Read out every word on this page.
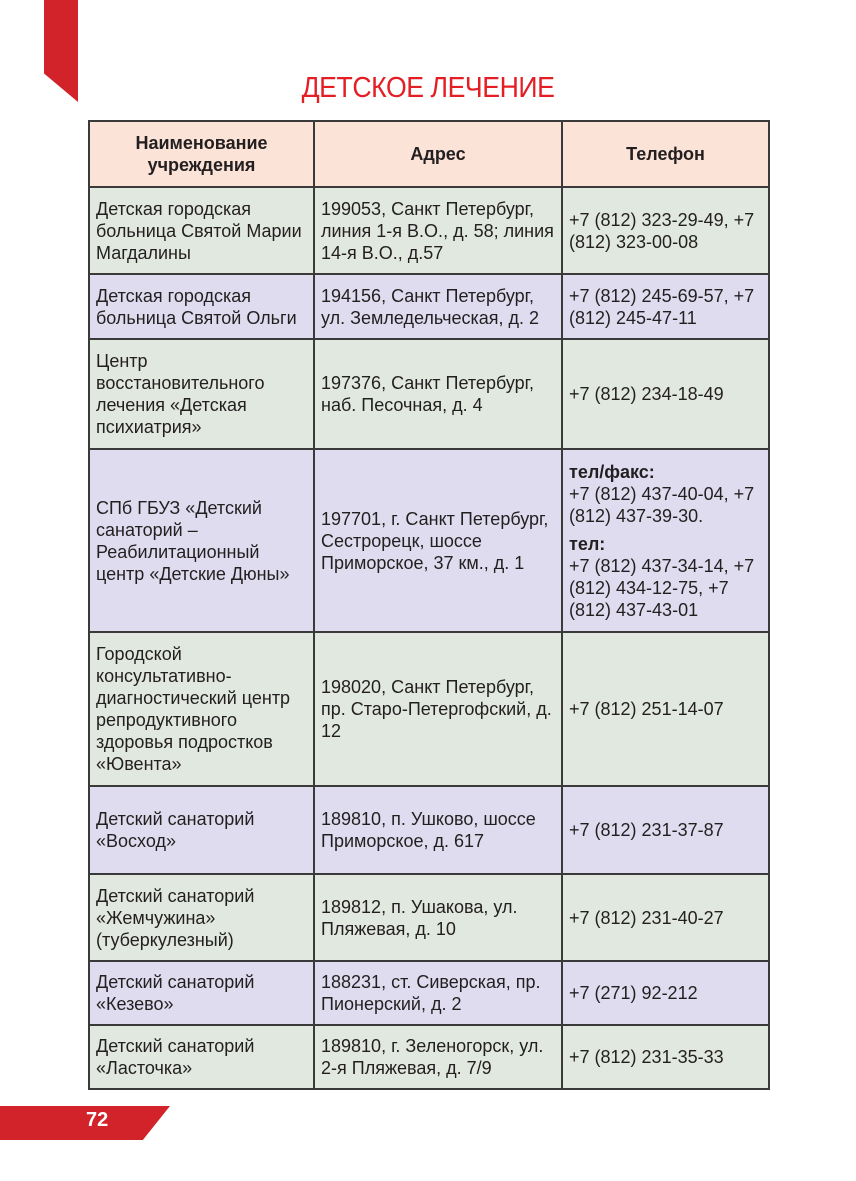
ДЕТСКОЕ ЛЕЧЕНИЕ
Наименование учреждения	Адрес	Телефон
Детская городская больница Святой Марии Магдалины	199053, Санкт Петербург, линия 1-я В.О., д. 58; линия 14-я В.О., д.57	+7 (812) 323-29-49, +7 (812) 323-00-08
Детская городская больница Святой Ольги	194156, Санкт Петербург, ул. Земледельческая, д. 2	+7 (812) 245-69-57, +7 (812) 245-47-11
Центр восстановительного лечения «Детская психиатрия»	197376, Санкт Петербург, наб. Песочная, д. 4	+7 (812) 234-18-49
СПб ГБУЗ «Детский санаторий – Реабилитационный центр «Детские Дюны»	197701, г. Санкт Петербург, Сестрорецк, шоссе Приморское, 37 км., д. 1	тел/факс:
+7 (812) 437-40-04, +7 (812) 437-39-30.
тел:
+7 (812) 437-34-14, +7 (812) 434-12-75, +7 (812) 437-43-01
Городской консультативно-диагностический центр репродуктивного здоровья подростков «Ювента»	198020, Санкт Петербург, пр. Старо-Петергофский, д. 12	+7 (812) 251-14-07
Детский санаторий «Восход»	189810, п. Ушково, шоссе Приморское, д. 617	+7 (812) 231-37-87
Детский санаторий «Жемчужина» (туберкулезный)	189812, п. Ушакова, ул. Пляжевая, д. 10	+7 (812) 231-40-27
Детский санаторий «Кезево»	188231, ст. Сиверская, пр. Пионерский, д. 2	+7 (271) 92-212
Детский санаторий «Ласточка»	189810, г. Зеленогорск, ул. 2-я Пляжевая, д. 7/9	+7 (812) 231-35-33
72
